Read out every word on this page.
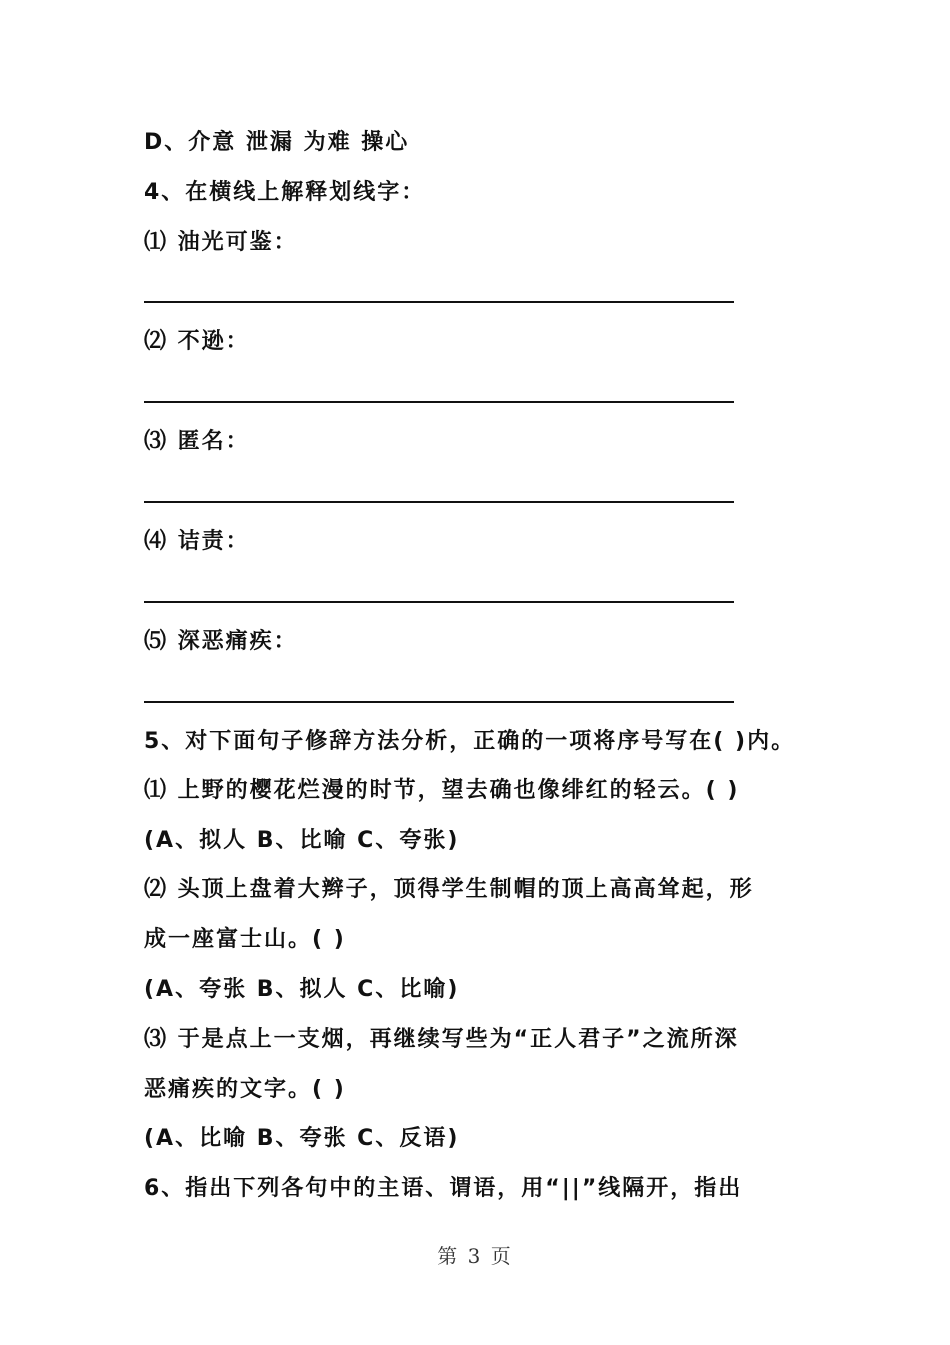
D、介意 泄漏 为难 操心
4、在横线上解释划线字：
⑴ 油光可鉴：
⑵ 不逊：
⑶ 匿名：
⑷ 诘责：
⑸ 深恶痛疾：
5、对下面句子修辞方法分析，正确的一项将序号写在( )内。
⑴ 上野的樱花烂漫的时节，望去确也像绯红的轻云。( )
(A、拟人 B、比喻 C、夸张)
⑵ 头顶上盘着大辫子，顶得学生制帽的顶上高高耸起，形
成一座富士山。( )
(A、夸张 B、拟人 C、比喻)
⑶ 于是点上一支烟，再继续写些为“正人君子”之流所深
恶痛疾的文字。( )
(A、比喻 B、夸张 C、反语)
6、指出下列各句中的主语、谓语，用“||”线隔开，指出
第 3 页
